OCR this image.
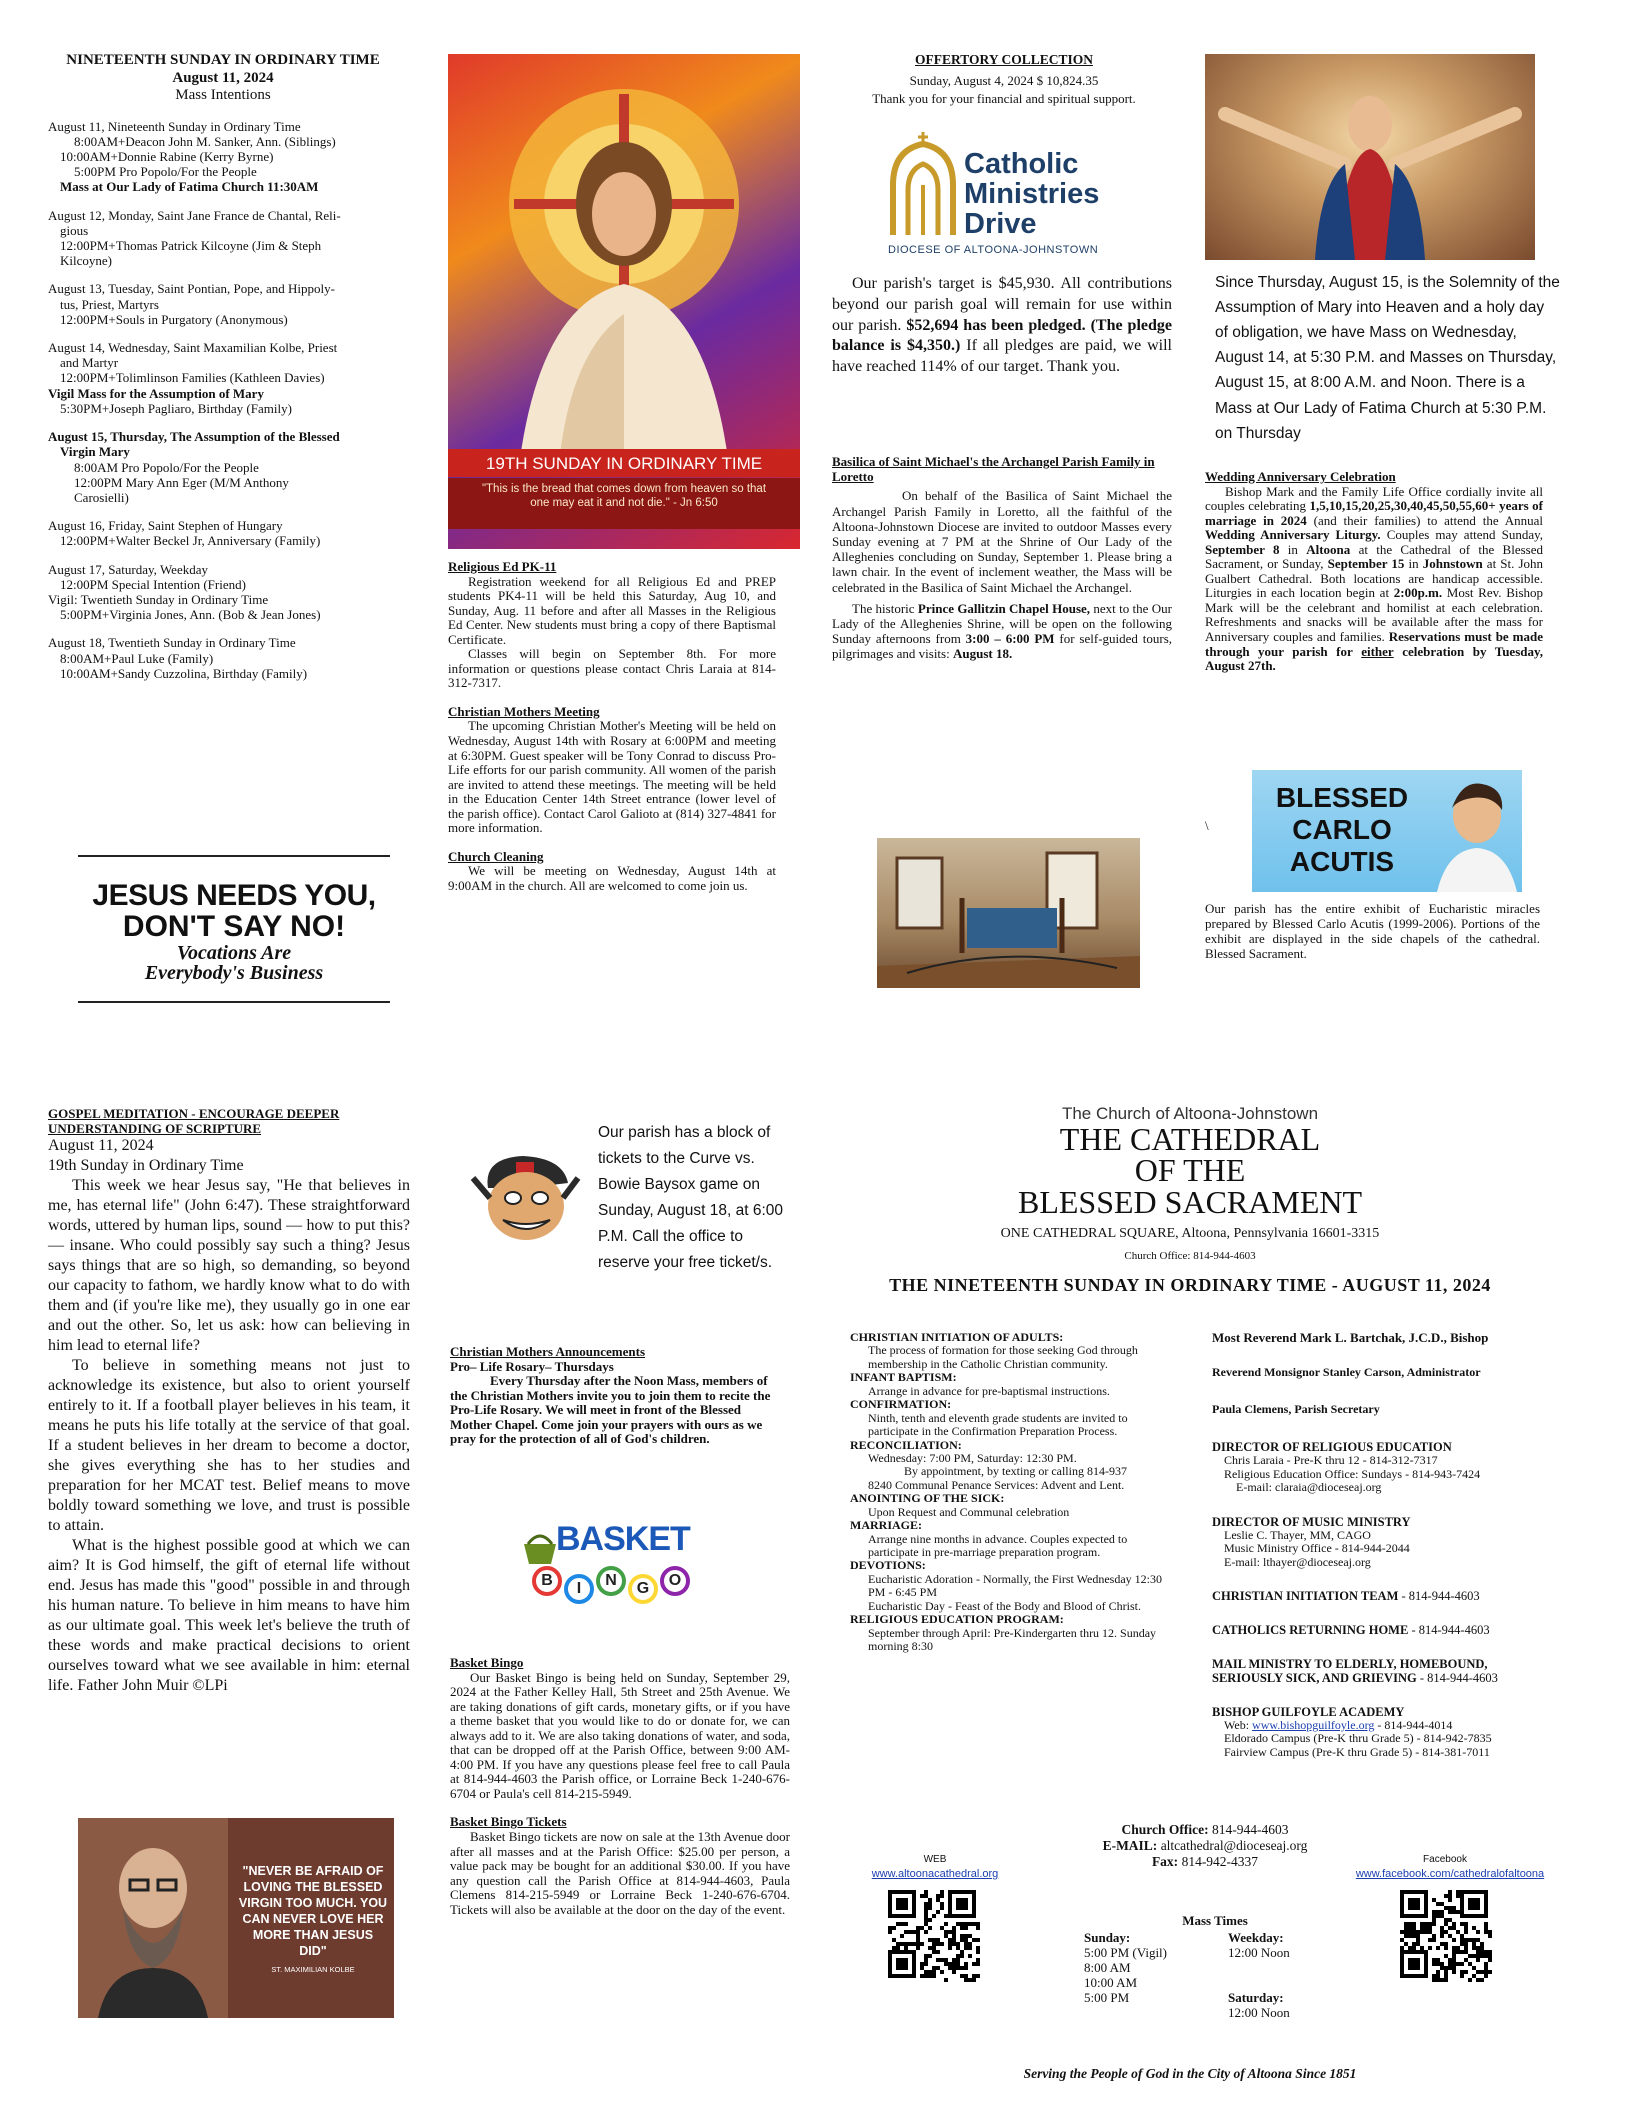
NINETEENTH SUNDAY IN ORDINARY TIME
August 11, 2024
Mass Intentions
August 11, Nineteenth Sunday in Ordinary Time
8:00AM+Deacon John M. Sanker, Ann. (Siblings)
10:00AM+Donnie Rabine (Kerry Byrne)
5:00PM Pro Popolo/For the People
Mass at Our Lady of Fatima Church 11:30AM
August 12, Monday, Saint Jane France de Chantal, Reli-
gious
12:00PM+Thomas Patrick Kilcoyne (Jim & Steph
Kilcoyne)
August 13, Tuesday, Saint Pontian, Pope, and Hippoly-
tus, Priest, Martyrs
12:00PM+Souls in Purgatory (Anonymous)
August 14, Wednesday, Saint Maxamilian Kolbe, Priest
and Martyr
12:00PM+Tolimlinson Families (Kathleen Davies)
Vigil Mass for the Assumption of Mary
5:30PM+Joseph Pagliaro, Birthday (Family)
August 15, Thursday, The Assumption of the Blessed
Virgin Mary
8:00AM Pro Popolo/For the People
12:00PM Mary Ann Eger (M/M Anthony
Carosielli)
August 16, Friday, Saint Stephen of Hungary
12:00PM+Walter Beckel Jr, Anniversary (Family)
August 17, Saturday, Weekday
12:00PM Special Intention (Friend)
Vigil: Twentieth Sunday in Ordinary Time
5:00PM+Virginia Jones, Ann. (Bob & Jean Jones)
August 18, Twentieth Sunday in Ordinary Time
8:00AM+Paul Luke (Family)
10:00AM+Sandy Cuzzolina, Birthday (Family)
JESUS NEEDS YOU,
DON'T SAY NO!
Vocations Are
Everybody's Business
19TH SUNDAY IN ORDINARY TIME
"This is the bread that comes down from heaven so that one may eat it and not die." - Jn 6:50
Religious Ed PK-11

Registration weekend for all Religious Ed and PREP students PK4-11 will be held this Saturday, Aug 10, and Sunday, Aug. 11 before and after all Masses in the Religious Ed Center. New students must bring a copy of there Baptismal Certificate.

Classes will begin on September 8th. For more information or questions please contact Chris Laraia at 814-312-7317.

Christian Mothers Meeting

The upcoming Christian Mother's Meeting will be held on Wednesday, August 14th with Rosary at 6:00PM and meeting at 6:30PM. Guest speaker will be Tony Conrad to discuss Pro-Life efforts for our parish community. All women of the parish are invited to attend these meetings. The meeting will be held in the Education Center 14th Street entrance (lower level of the parish office). Contact Carol Galioto at (814) 327-4841 for more information.

Church Cleaning

We will be meeting on Wednesday, August 14th at 9:00AM in the church. All are welcomed to come join us.

OFFERTORY COLLECTION
Sunday, August 4, 2024 $ 10,824.35
Thank you for your financial and spiritual support.
Catholic
Ministries
Drive
DIOCESE OF ALTOONA-JOHNSTOWN
Our parish's target is $45,930. All contributions beyond our parish goal will remain for use within our parish. $52,694 has been pledged. (The pledge balance is $4,350.) If all pledges are paid, we will have reached 114% of our target. Thank you.
Basilica of Saint Michael's the Archangel Parish Family in Loretto

On behalf of the Basilica of Saint Michael the Archangel Parish Family in Loretto, all the faithful of the Altoona-Johnstown Diocese are invited to outdoor Masses every Sunday evening at 7 PM at the Shrine of Our Lady of the Alleghenies concluding on Sunday, September 1. Please bring a lawn chair. In the event of inclement weather, the Mass will be celebrated in the Basilica of Saint Michael the Archangel.

The historic Prince Gallitzin Chapel House, next to the Our Lady of the Alleghenies Shrine, will be open on the following Sunday afternoons from 3:00 – 6:00 PM for self-guided tours, pilgrimages and visits: August 18.

Since Thursday, August 15, is the Solemnity of the Assumption of Mary into Heaven and a holy day of obligation, we have Mass on Wednesday, August 14, at 5:30 P.M. and Masses on Thursday, August 15, at 8:00 A.M. and Noon. There is a Mass at Our Lady of Fatima Church at 5:30 P.M. on Thursday
Wedding Anniversary Celebration

Bishop Mark and the Family Life Office cordially invite all couples celebrating 1,5,10,15,20,25,30,40,45,50,55,60+ years of marriage in 2024 (and their families) to attend the Annual Wedding Anniversary Liturgy. Couples may attend Sunday, September 8 in Altoona at the Cathedral of the Blessed Sacrament, or Sunday, September 15 in Johnstown at St. John Gualbert Cathedral. Both locations are handicap accessible. Liturgies in each location begin at 2:00p.m. Most Rev. Bishop Mark will be the celebrant and homilist at each celebration. Refreshments and snacks will be available after the mass for Anniversary couples and families. Reservations must be made through your parish for either celebration by Tuesday, August 27th.

\
BLESSED
CARLO
ACUTIS
Our parish has the entire exhibit of Eucharistic miracles prepared by Blessed Carlo Acutis (1999-2006). Portions of the exhibit are displayed in the side chapels of the cathedral. Blessed Sacrament.
GOSPEL MEDITATION - ENCOURAGE DEEPER UNDERSTANDING OF SCRIPTURE
August 11, 2024
19th Sunday in Ordinary Time

This week we hear Jesus say, "He that believes in me, has eternal life" (John 6:47). These straightforward words, uttered by human lips, sound — how to put this? — insane. Who could possibly say such a thing? Jesus says things that are so high, so demanding, so beyond our capacity to fathom, we hardly know what to do with them and (if you're like me), they usually go in one ear and out the other. So, let us ask: how can believing in him lead to eternal life?

To believe in something means not just to acknowledge its existence, but also to orient yourself entirely to it. If a football player believes in his team, it means he puts his life totally at the service of that goal. If a student believes in her dream to become a doctor, she gives everything she has to her studies and preparation for her MCAT test. Belief means to move boldly toward something we love, and trust is possible to attain.

What is the highest possible good at which we can aim? It is God himself, the gift of eternal life without end. Jesus has made this "good" possible in and through his human nature. To believe in him means to have him as our ultimate goal. This week let's believe the truth of these words and make practical decisions to orient ourselves toward what we see available in him: eternal life. Father John Muir ©LPi

"NEVER BE AFRAID OF LOVING THE BLESSED VIRGIN TOO MUCH. YOU CAN NEVER LOVE HER MORE THAN JESUS DID"
ST. MAXIMILIAN KOLBE
Our parish has a block of tickets to the Curve vs. Bowie Baysox game on Sunday, August 18, at 6:00 P.M. Call the office to reserve your free ticket/s.
Christian Mothers Announcements
Pro– Life Rosary– Thursdays

Every Thursday after the Noon Mass, members of the Christian Mothers invite you to join them to recite the Pro-Life Rosary. We will meet in front of the Blessed Mother Chapel. Come join your prayers with ours as we pray for the protection of all of God's children.

BASKET
B	I	N	G	O
Basket Bingo

Our Basket Bingo is being held on Sunday, September 29, 2024 at the Father Kelley Hall, 5th Street and 25th Avenue. We are taking donations of gift cards, monetary gifts, or if you have a theme basket that you would like to do or donate for, we can always add to it. We are also taking donations of water, and soda, that can be dropped off at the Parish Office, between 9:00 AM- 4:00 PM. If you have any questions please feel free to call Paula at 814-944-4603 the Parish office, or Lorraine Beck 1-240-676-6704 or Paula's cell 814-215-5949.

Basket Bingo Tickets

Basket Bingo tickets are now on sale at the 13th Avenue door after all masses and at the Parish Office: $25.00 per person, a value pack may be bought for an additional $30.00. If you have any question call the Parish Office at 814-944-4603, Paula Clemens 814-215-5949 or Lorraine Beck 1-240-676-6704. Tickets will also be available at the door on the day of the event.

The Church of Altoona-Johnstown
THE CATHEDRAL
OF THE
BLESSED SACRAMENT
ONE CATHEDRAL SQUARE, Altoona, Pennsylvania 16601-3315
Church Office: 814-944-4603
THE NINETEENTH SUNDAY IN ORDINARY TIME - AUGUST 11, 2024
CHRISTIAN INITIATION OF ADULTS:
The process of formation for those seeking God through membership in the Catholic Christian community.
INFANT BAPTISM:
Arrange in advance for pre-baptismal instructions.
CONFIRMATION:
Ninth, tenth and eleventh grade students are invited to participate in the Confirmation Preparation Process.
RECONCILIATION:
Wednesday: 7:00 PM, Saturday: 12:30 PM.
By appointment, by texting or calling 814-937
8240 Communal Penance Services: Advent and Lent.
ANOINTING OF THE SICK:
Upon Request and Communal celebration
MARRIAGE:
Arrange nine months in advance. Couples expected to participate in pre-marriage preparation program.
DEVOTIONS:
Eucharistic Adoration - Normally, the First Wednesday 12:30 PM - 6:45 PM
Eucharistic Day - Feast of the Body and Blood of Christ.
RELIGIOUS EDUCATION PROGRAM:
September through April: Pre-Kindergarten thru 12. Sunday morning 8:30
Most Reverend Mark L. Bartchak, J.C.D., Bishop
Reverend Monsignor Stanley Carson, Administrator
Paula Clemens, Parish Secretary
DIRECTOR OF RELIGIOUS EDUCATION
Chris Laraia - Pre-K thru 12 - 814-312-7317
Religious Education Office: Sundays - 814-943-7424
E-mail: claraia@dioceseaj.org
DIRECTOR OF MUSIC MINISTRY
Leslie C. Thayer, MM, CAGO
Music Ministry Office - 814-944-2044
E-mail: lthayer@dioceseaj.org
CHRISTIAN INITIATION TEAM - 814-944-4603
CATHOLICS RETURNING HOME - 814-944-4603
MAIL MINISTRY TO ELDERLY, HOMEBOUND, SERIOUSLY SICK, AND GRIEVING - 814-944-4603
BISHOP GUILFOYLE ACADEMY
Web: www.bishopguilfoyle.org - 814-944-4014
Eldorado Campus (Pre-K thru Grade 5) - 814-942-7835
Fairview Campus (Pre-K thru Grade 5) - 814-381-7011
Church Office: 814-944-4603
E-MAIL: altcathedral@dioceseaj.org
Fax: 814-942-4337
WEB
www.altoonacathedral.org
Facebook
www.facebook.com/cathedralofaltoona
Mass Times
Sunday:
5:00 PM (Vigil)
8:00 AM
10:00 AM
5:00 PM
Weekday:
12:00 Noon
Saturday:
12:00 Noon
Serving the People of God in the City of Altoona Since 1851
